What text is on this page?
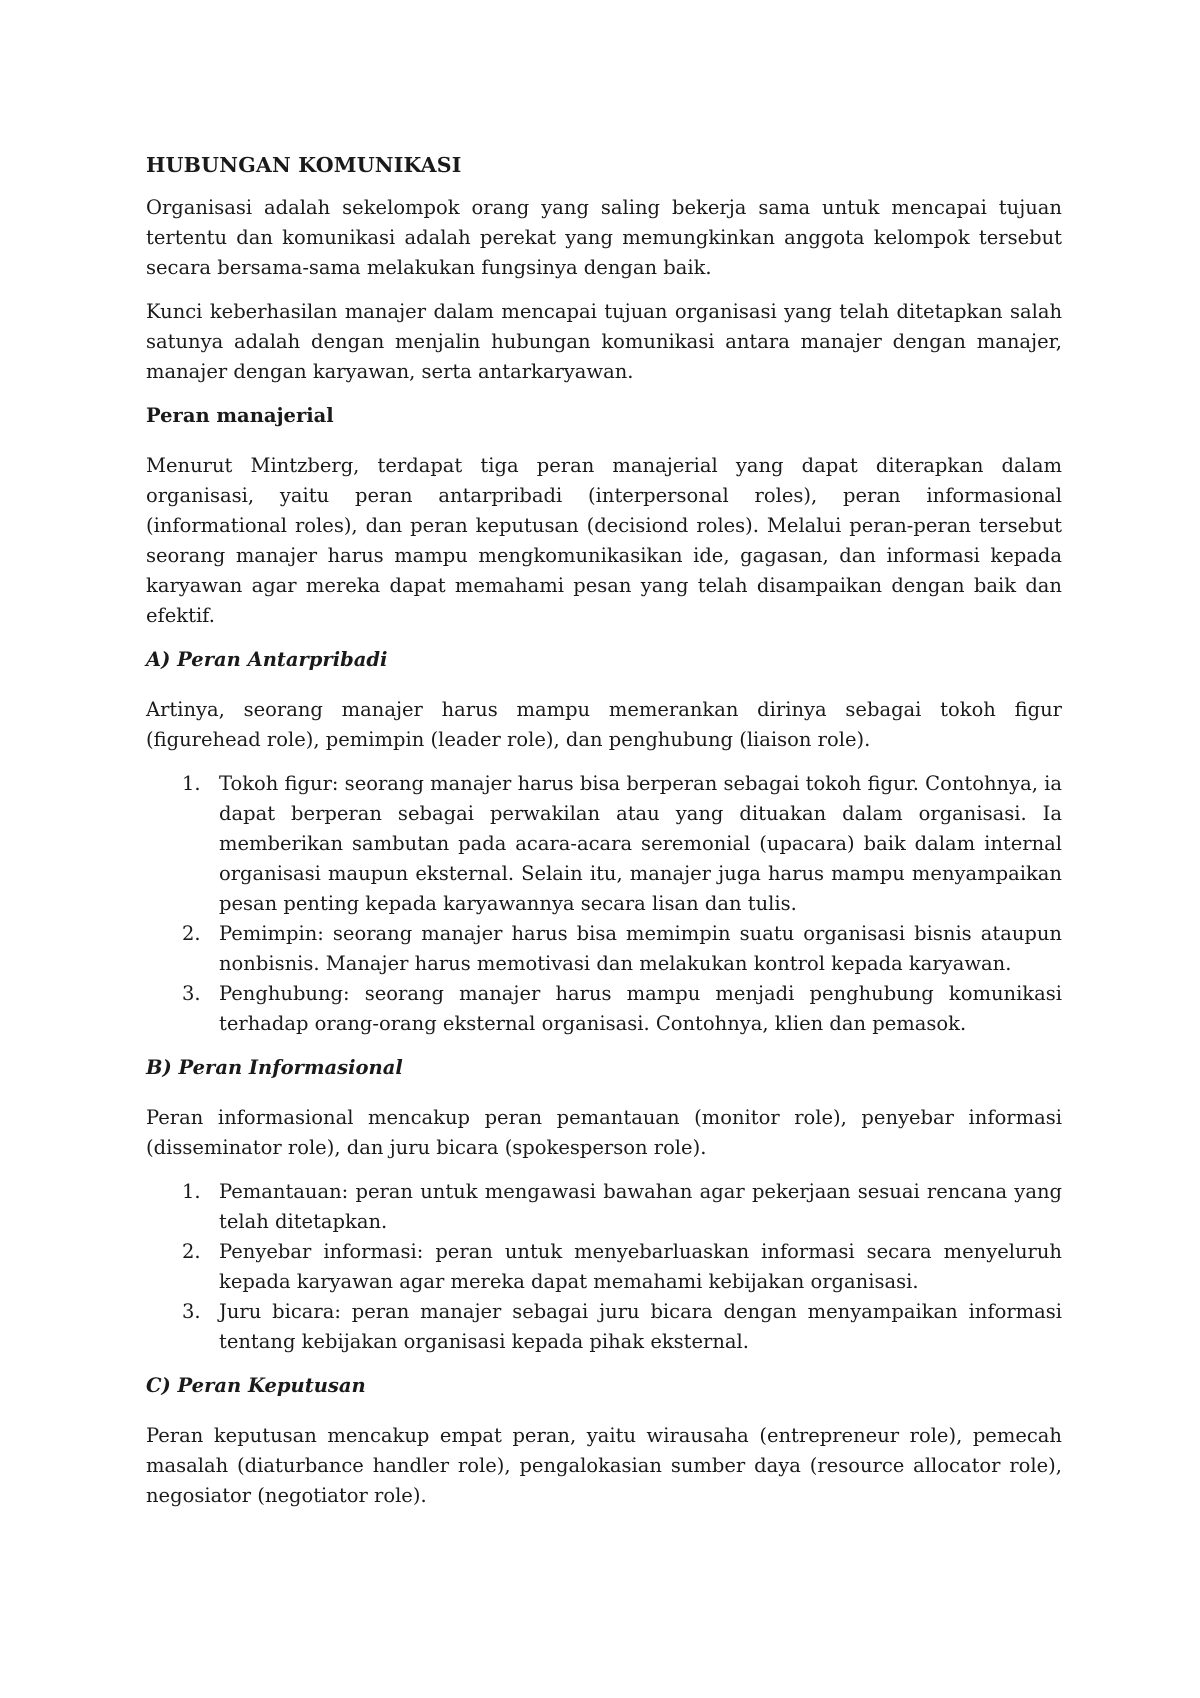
HUBUNGAN KOMUNIKASI

Organisasi adalah sekelompok orang yang saling bekerja sama untuk mencapai tujuan tertentu dan komunikasi adalah perekat yang memungkinkan anggota kelompok tersebut secara bersama-sama melakukan fungsinya dengan baik.

Kunci keberhasilan manajer dalam mencapai tujuan organisasi yang telah ditetapkan salah satunya adalah dengan menjalin hubungan komunikasi antara manajer dengan manajer, manajer dengan karyawan, serta antarkaryawan.

Peran manajerial

Menurut Mintzberg, terdapat tiga peran manajerial yang dapat diterapkan dalam organisasi, yaitu peran antarpribadi (interpersonal roles), peran informasional (informational roles), dan peran keputusan (decisiond roles). Melalui peran-peran tersebut seorang manajer harus mampu mengkomunikasikan ide, gagasan, dan informasi kepada karyawan agar mereka dapat memahami pesan yang telah disampaikan dengan baik dan efektif.

A) Peran Antarpribadi

Artinya, seorang manajer harus mampu memerankan dirinya sebagai tokoh figur (figurehead role), pemimpin (leader role), dan penghubung (liaison role).

1. Tokoh figur: seorang manajer harus bisa berperan sebagai tokoh figur. Contohnya, ia dapat berperan sebagai perwakilan atau yang dituakan dalam organisasi. Ia memberikan sambutan pada acara-acara seremonial (upacara) baik dalam internal organisasi maupun eksternal. Selain itu, manajer juga harus mampu menyampaikan pesan penting kepada karyawannya secara lisan dan tulis.
2. Pemimpin: seorang manajer harus bisa memimpin suatu organisasi bisnis ataupun nonbisnis. Manajer harus memotivasi dan melakukan kontrol kepada karyawan.
3. Penghubung: seorang manajer harus mampu menjadi penghubung komunikasi terhadap orang-orang eksternal organisasi. Contohnya, klien dan pemasok.
B) Peran Informasional

Peran informasional mencakup peran pemantauan (monitor role), penyebar informasi (disseminator role), dan juru bicara (spokesperson role).

1. Pemantauan: peran untuk mengawasi bawahan agar pekerjaan sesuai rencana yang telah ditetapkan.
2. Penyebar informasi: peran untuk menyebarluaskan informasi secara menyeluruh kepada karyawan agar mereka dapat memahami kebijakan organisasi.
3. Juru bicara: peran manajer sebagai juru bicara dengan menyampaikan informasi tentang kebijakan organisasi kepada pihak eksternal.
C) Peran Keputusan

Peran keputusan mencakup empat peran, yaitu wirausaha (entrepreneur role), pemecah masalah (diaturbance handler role), pengalokasian sumber daya (resource allocator role), negosiator (negotiator role).
